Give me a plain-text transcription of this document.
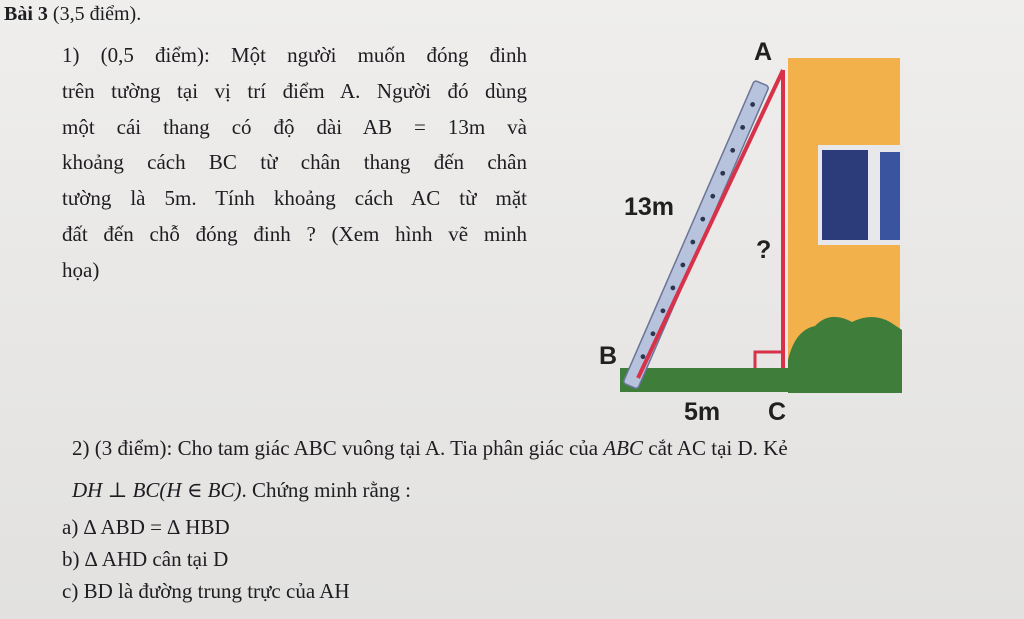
Bài 3 (3,5 điểm).
1) (0,5 điểm): Một người muốn đóng đinh
trên tường tại vị trí điểm A. Người đó dùng
một cái thang có độ dài AB = 13m và
khoảng cách BC từ chân thang đến chân
tường là 5m. Tính khoảng cách AC từ mặt
đất đến chỗ đóng đinh ? (Xem hình vẽ minh
họa)
A
13m
?
B
5m C
2) (3 điểm): Cho tam giác ABC vuông tại A. Tia phân giác của ABC cắt AC tại D. Kẻ
DH ⊥ BC(H ∈ BC). Chứng minh rằng :
a) ∆ ABD = ∆ HBD
b) ∆ AHD cân tại D
c) BD là đường trung trực của AH
